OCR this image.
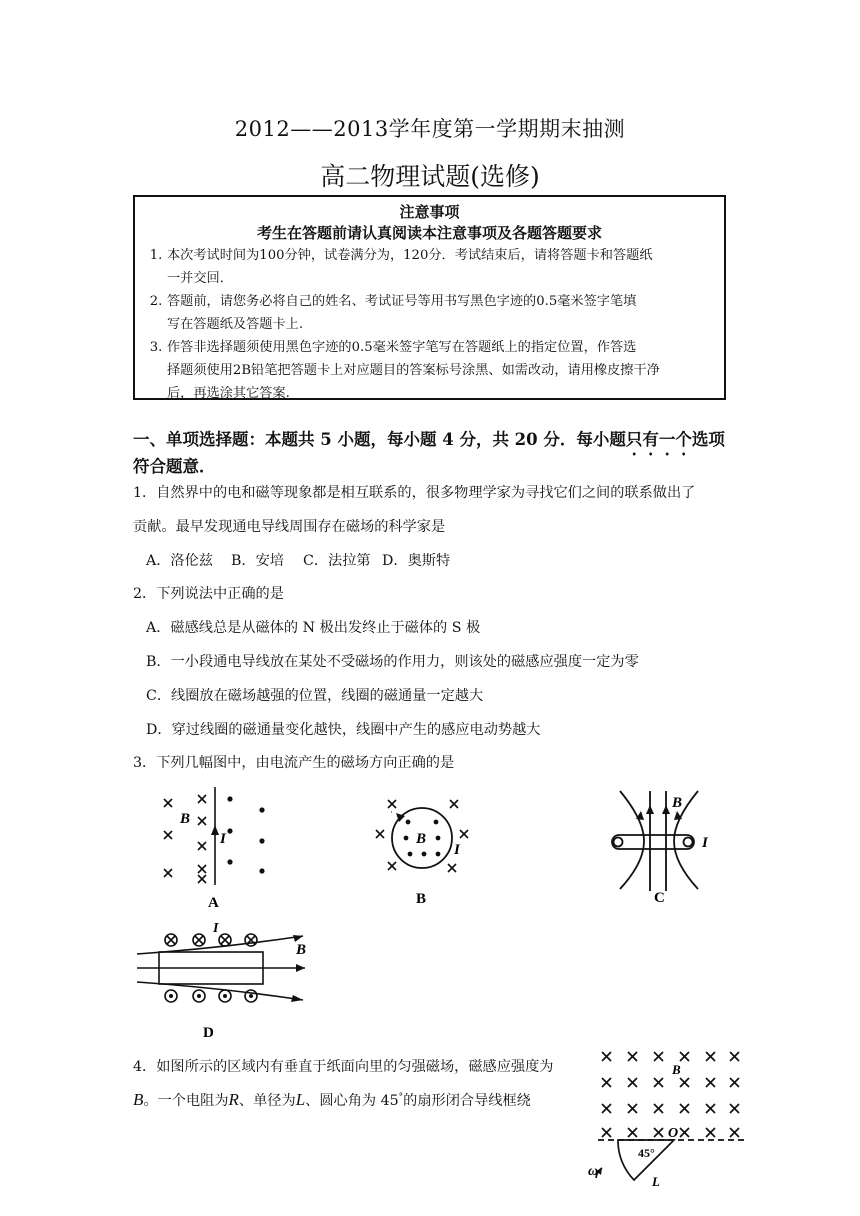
2012——2013学年度第一学期期末抽测
高二物理试题(选修)
注意事项
考生在答题前请认真阅读本注意事项及各题答题要求
1. 本次考试时间为100分钟，试卷满分为，120分．考试结束后，请将答题卡和答题纸
一并交回．
2. 答题前，请您务必将自己的姓名、考试证号等用书写黑色字迹的0.5毫米签字笔填
写在答题纸及答题卡上.
3. 作答非选择题须使用黑色字迹的0.5毫米签字笔写在答题纸上的指定位置，作答选
择题须使用2B铅笔把答题卡上对应题目的答案标号涂黑、如需改动，请用橡皮擦干净
后，再选涂其它答案.
一、单项选择题：本题共 5 小题，每小题 4 分，共 20 分．每小题只有一个选项
符合题意．
1．自然界中的电和磁等现象都是相互联系的，很多物理学家为寻找它们之间的联系做出了
贡献。最早发现通电导线周围存在磁场的科学家是
A．洛伦兹 B．安培 C．法拉第 D．奥斯特
2．下列说法中正确的是
A．磁感线总是从磁体的 N 极出发终止于磁体的 S 极
B．一小段通电导线放在某处不受磁场的作用力，则该处的磁感应强度一定为零
C．线圈放在磁场越强的位置，线圈的磁通量一定越大
D．穿过线圈的磁通量变化越快，线圈中产生的感应电动势越大
3．下列几幅图中，由电流产生的磁场方向正确的是
B
I
A
B
I
B
B
I
C
I
B
D
4．如图所示的区域内有垂直于纸面向里的匀强磁场，磁感应强度为
B。一个电阻为R、单径为L、圆心角为 45°的扇形闭合导线框绕
B
O
45°
L
ω
